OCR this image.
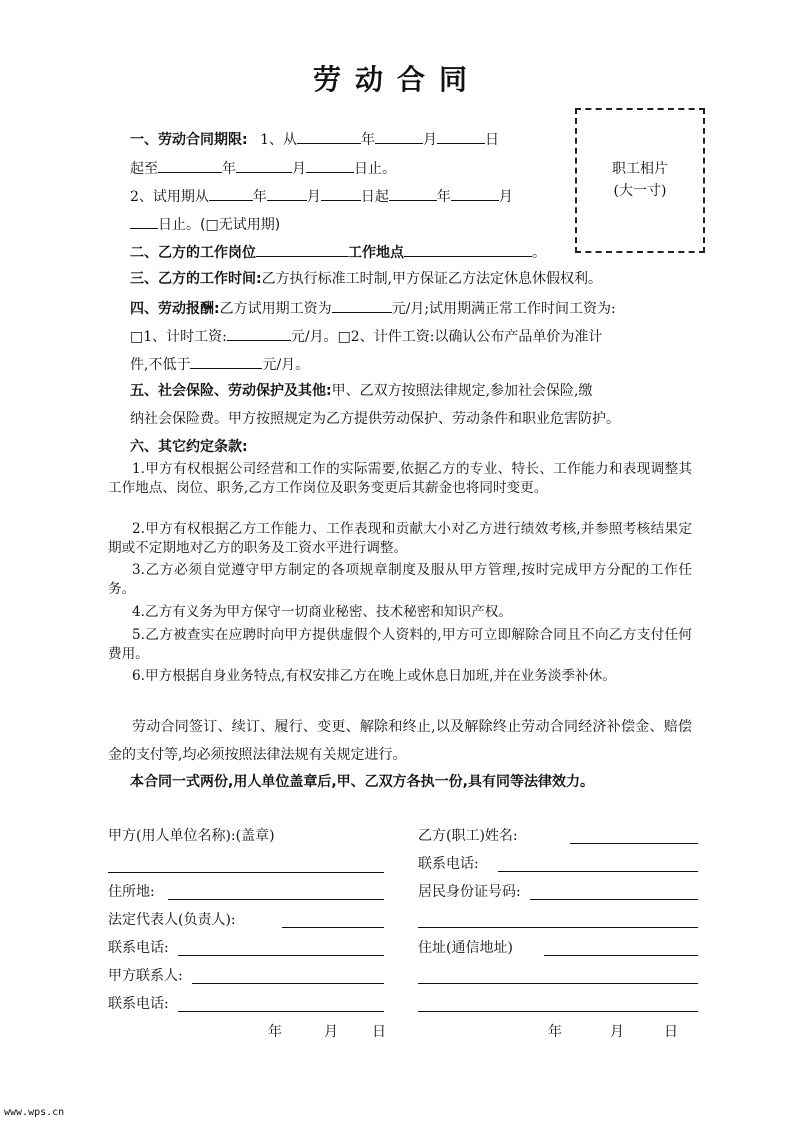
劳动合同
职工相片
(大一寸)
一、劳动合同期限: 1、从	年	月	日
起至	年	月	日止。
2、试用期从	年	月	日起	年	月
日止。(□无试用期)
二、乙方的工作岗位	工作地点	。
三、乙方的工作时间:乙方执行标准工时制,甲方保证乙方法定休息休假权利。
四、劳动报酬:乙方试用期工资为	元/月;试用期满正常工作时间工资为:
□1、计时工资:	元/月。□2、计件工资:以确认公布产品单价为准计
件,不低于	元/月。
五、社会保险、劳动保护及其他:甲、乙双方按照法律规定,参加社会保险,缴
纳社会保险费。甲方按照规定为乙方提供劳动保护、劳动条件和职业危害防护。
六、其它约定条款:
1.甲方有权根据公司经营和工作的实际需要,依据乙方的专业、特长、工作能力和表现调整其工作地点、岗位、职务,乙方工作岗位及职务变更后其薪金也将同时变更。
2.甲方有权根据乙方工作能力、工作表现和贡献大小对乙方进行绩效考核,并参照考核结果定期或不定期地对乙方的职务及工资水平进行调整。
3.乙方必须自觉遵守甲方制定的各项规章制度及服从甲方管理,按时完成甲方分配的工作任务。
4.乙方有义务为甲方保守一切商业秘密、技术秘密和知识产权。
5.乙方被查实在应聘时向甲方提供虚假个人资料的,甲方可立即解除合同且不向乙方支付任何费用。
6.甲方根据自身业务特点,有权安排乙方在晚上或休息日加班,并在业务淡季补休。
劳动合同签订、续订、履行、变更、解除和终止,以及解除终止劳动合同经济补偿金、赔偿金的支付等,均必须按照法律法规有关规定进行。
本合同一式两份,用人单位盖章后,甲、乙双方各执一份,具有同等法律效力。
甲方(用人单位名称):(盖章)
住所地:
法定代表人(负责人):
联系电话:
甲方联系人:
联系电话:
年	月 日
乙方(职工)姓名:
联系电话:
居民身份证号码:
住址(通信地址)
年	月	日
www.wps.cn
